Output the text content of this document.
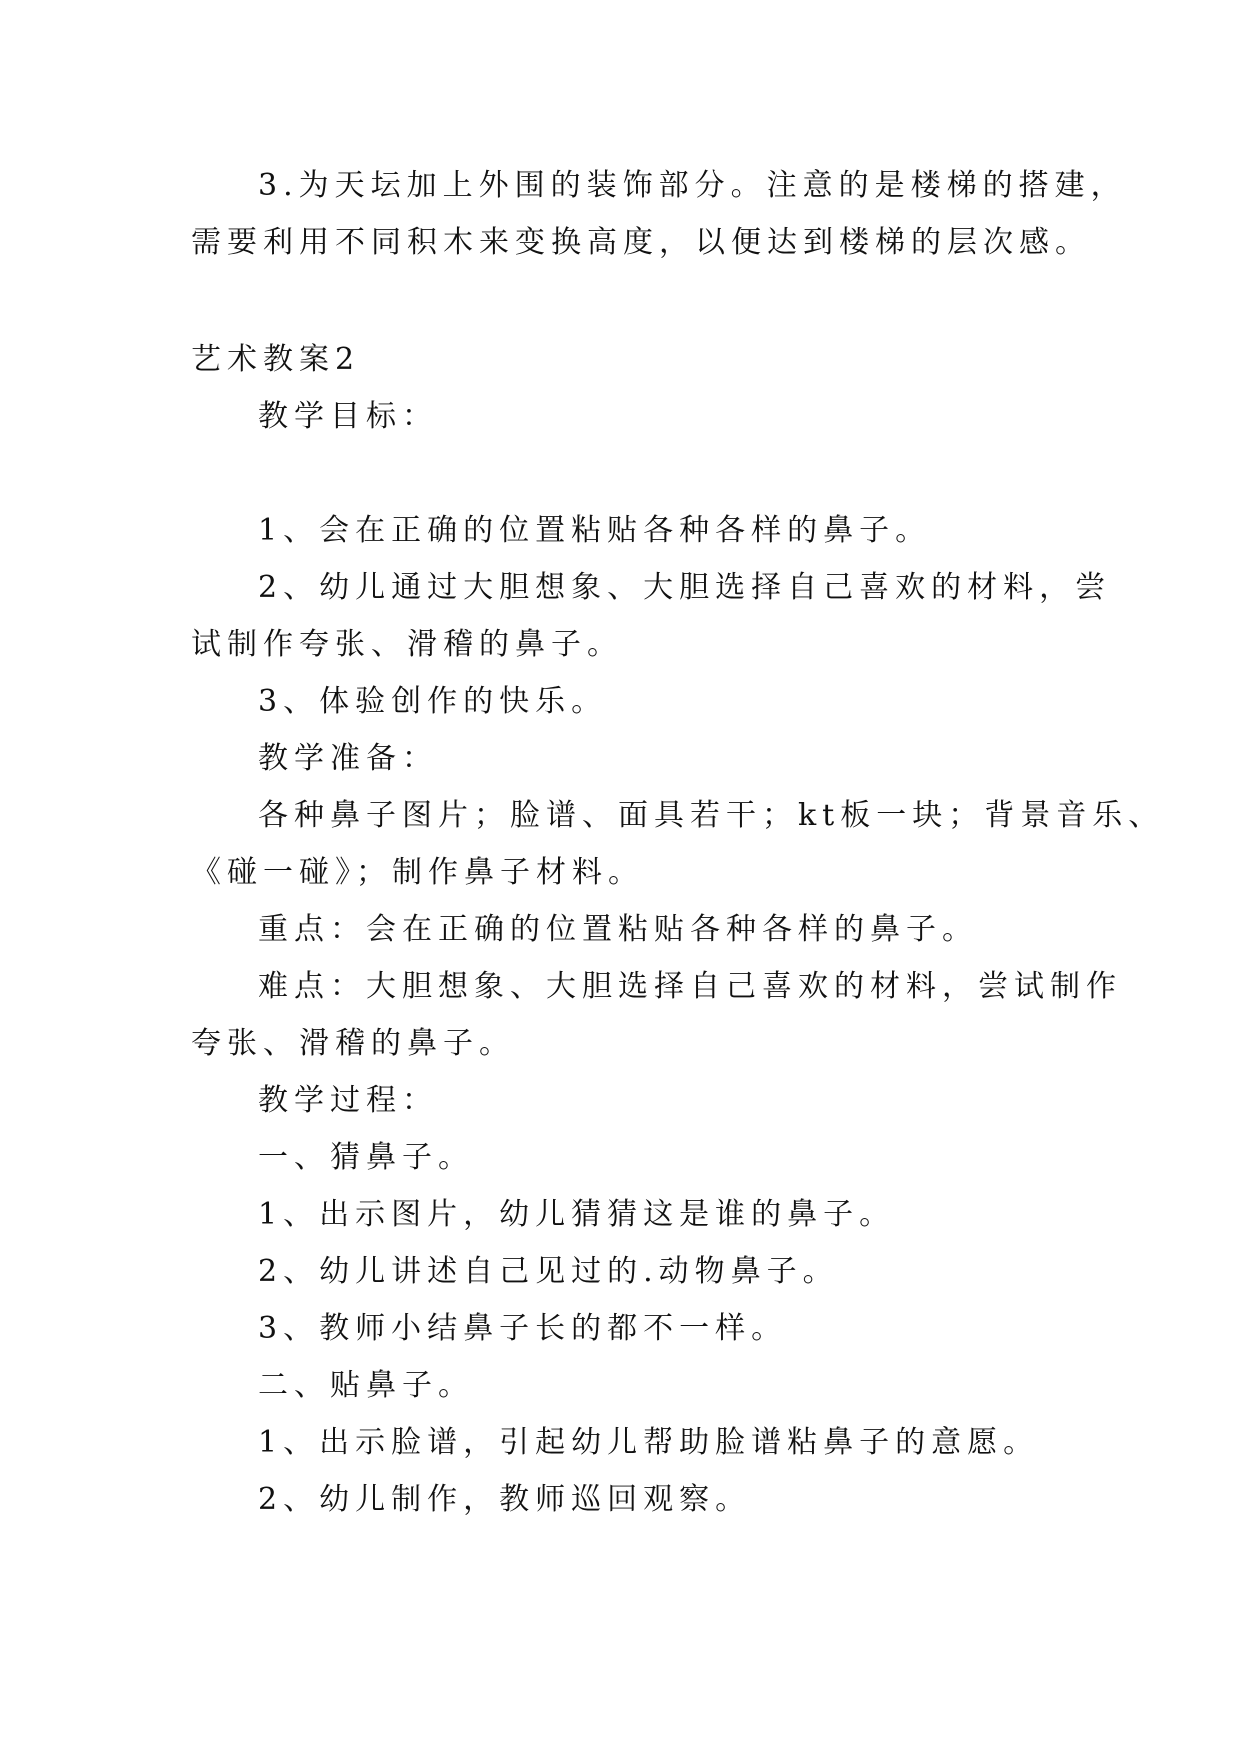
3.为天坛加上外围的装饰部分。注意的是楼梯的搭建，
需要利用不同积木来变换高度，以便达到楼梯的层次感。
艺术教案2
教学目标：
1、会在正确的位置粘贴各种各样的鼻子。
2、幼儿通过大胆想象、大胆选择自己喜欢的材料，尝
试制作夸张、滑稽的鼻子。
3、体验创作的快乐。
教学准备：
各种鼻子图片；脸谱、面具若干；kt板一块；背景音乐、
《碰一碰》；制作鼻子材料。
重点：会在正确的位置粘贴各种各样的鼻子。
难点：大胆想象、大胆选择自己喜欢的材料，尝试制作
夸张、滑稽的鼻子。
教学过程：
一、猜鼻子。
1、出示图片，幼儿猜猜这是谁的鼻子。
2、幼儿讲述自己见过的.动物鼻子。
3、教师小结鼻子长的都不一样。
二、贴鼻子。
1、出示脸谱，引起幼儿帮助脸谱粘鼻子的意愿。
2、幼儿制作，教师巡回观察。
